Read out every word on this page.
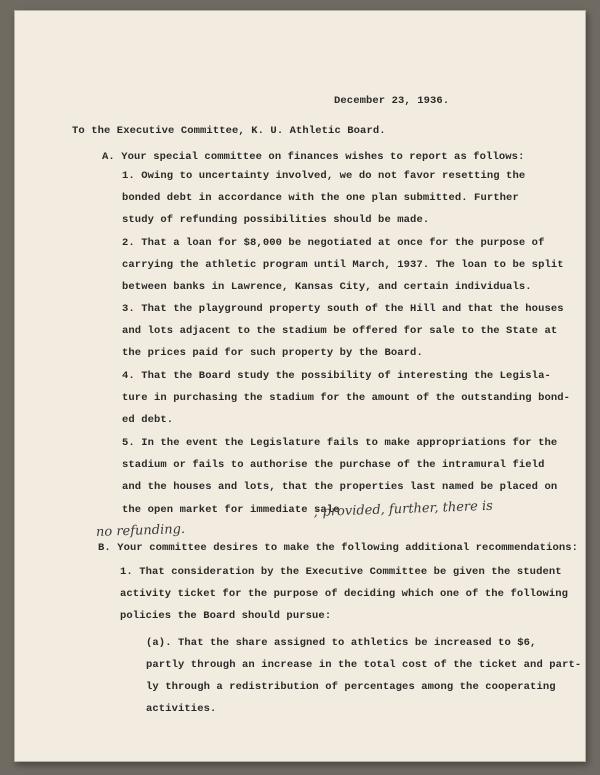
December 23, 1936.
To the Executive Committee, K. U. Athletic Board.
A. Your special committee on finances wishes to report as follows:
1. Owing to uncertainty involved, we do not favor resetting the
bonded debt in accordance with the one plan submitted. Further
study of refunding possibilities should be made.
2. That a loan for $8,000 be negotiated at once for the purpose of
carrying the athletic program until March, 1937. The loan to be split
between banks in Lawrence, Kansas City, and certain individuals.
3. That the playground property south of the Hill and that the houses
and lots adjacent to the stadium be offered for sale to the State at
the prices paid for such property by the Board.
4. That the Board study the possibility of interesting the Legisla-
ture in purchasing the stadium for the amount of the outstanding bond-
ed debt.
5. In the event the Legislature fails to make appropriations for the
stadium or fails to authorise the purchase of the intramural field
and the houses and lots, that the properties last named be placed on
the open market for immediate sale
; provided, further, there is
no refunding.
B. Your committee desires to make the following additional recommendations:
1. That consideration by the Executive Committee be given the student
activity ticket for the purpose of deciding which one of the following
policies the Board should pursue:
(a). That the share assigned to athletics be increased to $6,
partly through an increase in the total cost of the ticket and part-
ly through a redistribution of percentages among the cooperating
activities.
